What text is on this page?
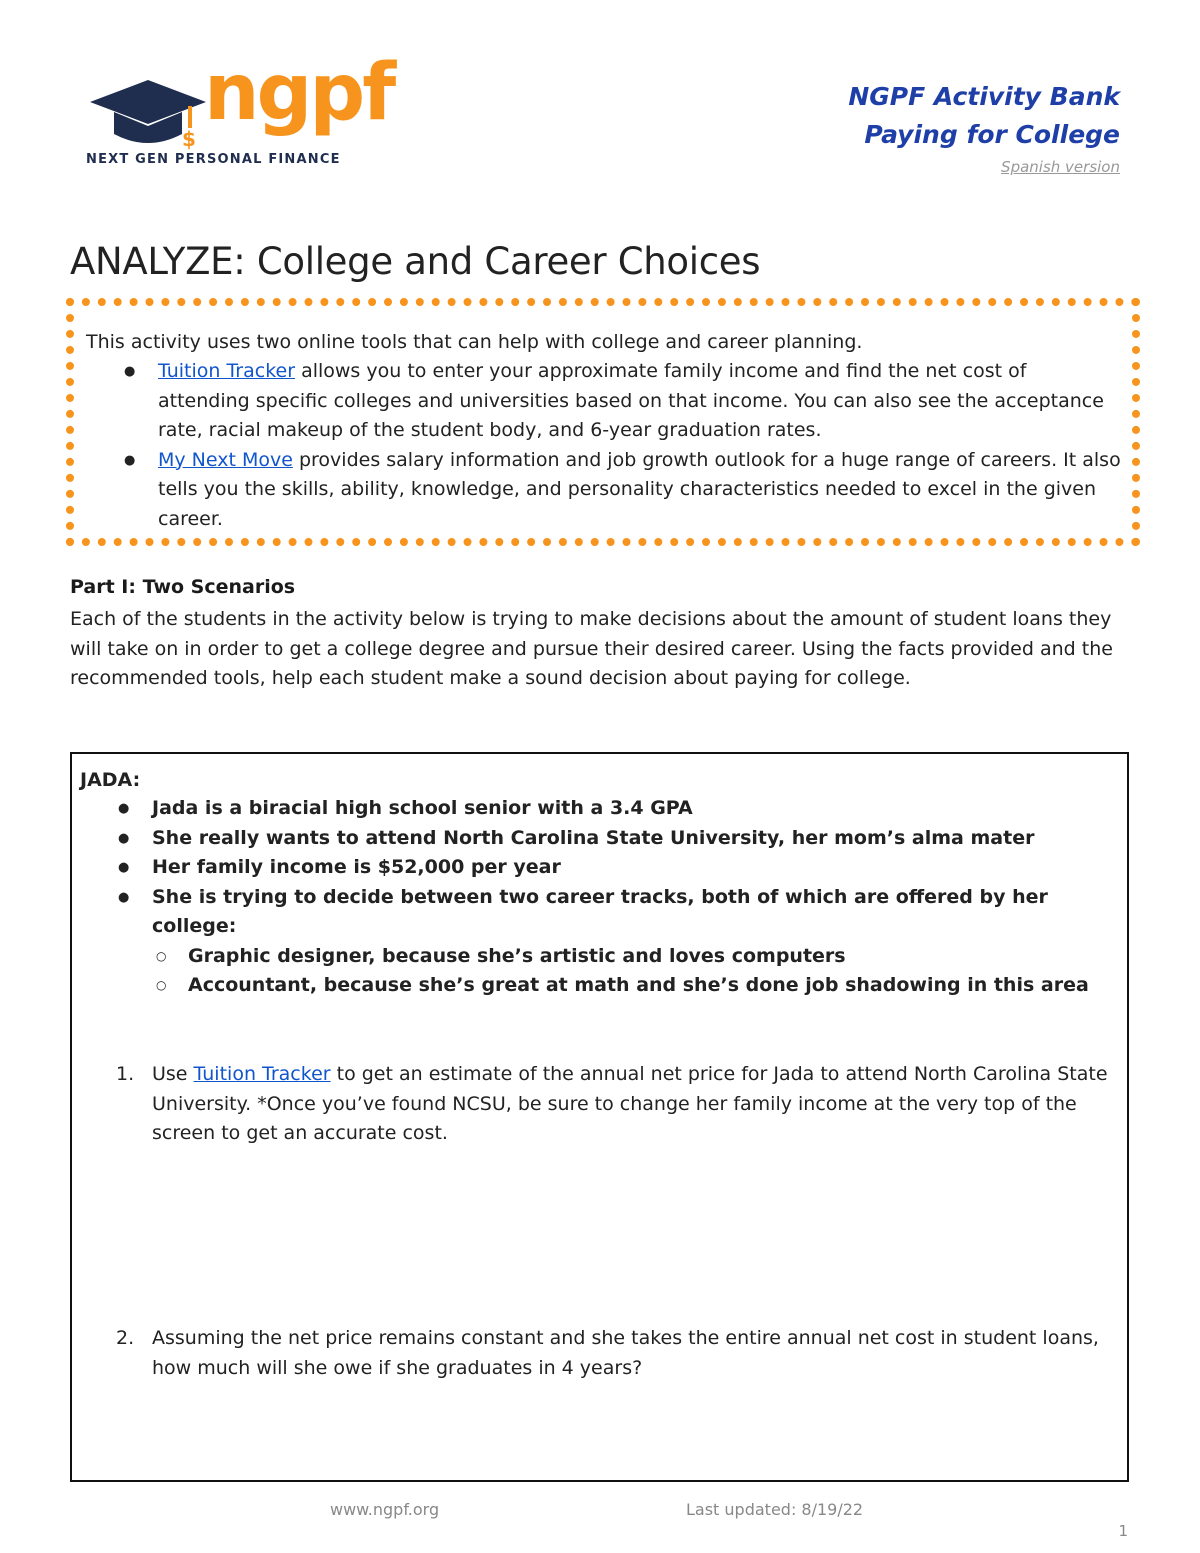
$
ngpf
NEXT GEN PERSONAL FINANCE
NGPF Activity Bank
Paying for College
Spanish version
ANALYZE: College and Career Choices
This activity uses two online tools that can help with college and career planning.
● Tuition Tracker allows you to enter your approximate family income and find the net cost of attending specific colleges and universities based on that income. You can also see the acceptance rate, racial makeup of the student body, and 6-year graduation rates.
● My Next Move provides salary information and job growth outlook for a huge range of careers. It also tells you the skills, ability, knowledge, and personality characteristics needed to excel in the given career.
Part I: Two Scenarios
Each of the students in the activity below is trying to make decisions about the amount of student loans they will take on in order to get a college degree and pursue their desired career. Using the facts provided and the recommended tools, help each student make a sound decision about paying for college.
JADA:
● Jada is a biracial high school senior with a 3.4 GPA
● She really wants to attend North Carolina State University, her mom’s alma mater
● Her family income is $52,000 per year
● She is trying to decide between two career tracks, both of which are offered by her college:
○ Graphic designer, because she’s artistic and loves computers
○ Accountant, because she’s great at math and she’s done job shadowing in this area
1. Use Tuition Tracker to get an estimate of the annual net price for Jada to attend North Carolina State University. *Once you’ve found NCSU, be sure to change her family income at the very top of the screen to get an accurate cost.
2. Assuming the net price remains constant and she takes the entire annual net cost in student loans, how much will she owe if she graduates in 4 years?
www.ngpf.org	Last updated: 8/19/22
1
